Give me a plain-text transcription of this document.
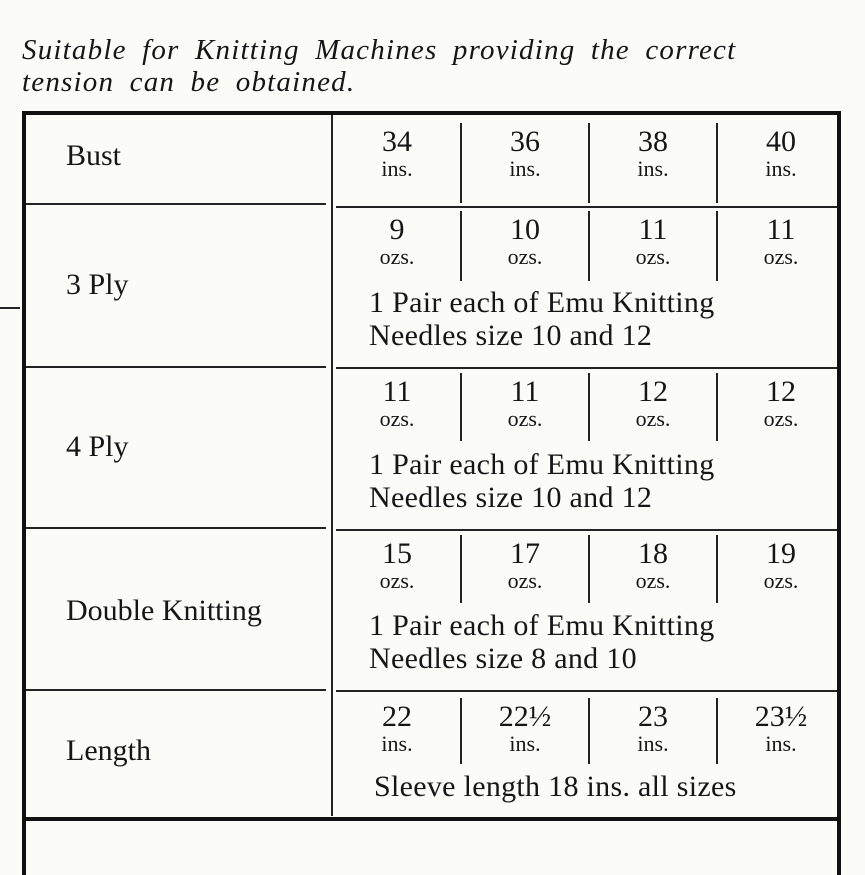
Suitable for Knitting Machines providing the correct
tension can be obtained.

Bust	34
ins.
36
ins.
38
ins.
40
ins.
3 Ply
9
ozs.
10
ozs.
11
ozs.
11
ozs.
1 Pair each of Emu Knitting
Needles size 10 and 12
4 Ply
11
ozs.
11
ozs.
12
ozs.
12
ozs.
1 Pair each of Emu Knitting
Needles size 10 and 12
Double Knitting
15
ozs.
17
ozs.
18
ozs.
19
ozs.
1 Pair each of Emu Knitting
Needles size 8 and 10
Length
22
ins.
22½
ins.
23
ins.
23½
ins.
Sleeve length 18 ins. all sizes
